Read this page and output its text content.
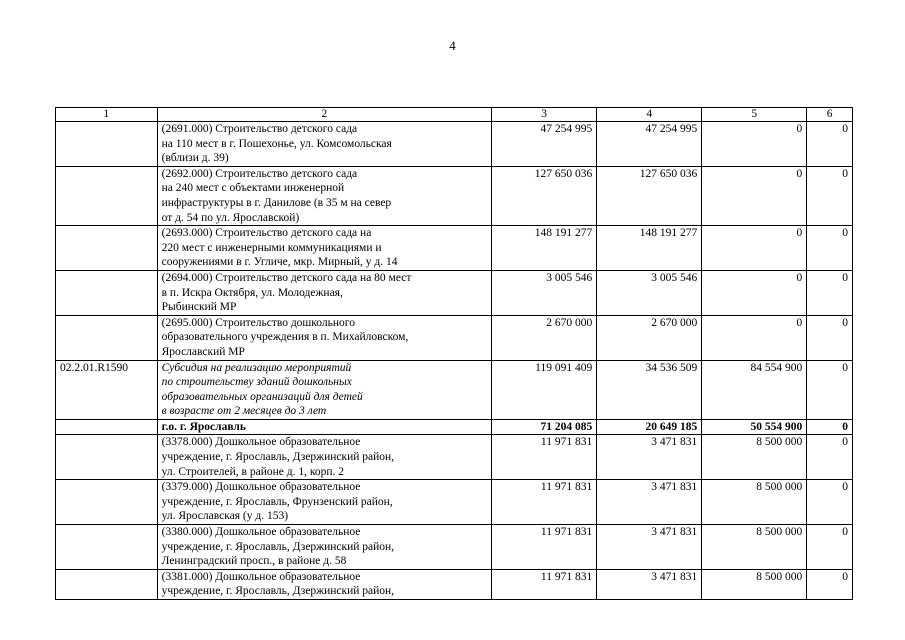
4
1	2	3	4	5	6
	(2691.000) Строительство детского сада
на 110 мест в г. Пошехонье, ул. Комсомольская
(вблизи д. 39)	47 254 995	47 254 995	0	0
	(2692.000) Строительство детского сада
на 240 мест с объектами инженерной
инфраструктуры в г. Данилове (в 35 м на север
от д. 54 по ул. Ярославской)	127 650 036	127 650 036	0	0
	(2693.000) Строительство детского сада на
220 мест с инженерными коммуникациями и
сооружениями в г. Угличе, мкр. Мирный, у д. 14	148 191 277	148 191 277	0	0
	(2694.000) Строительство детского сада на 80 мест
в п. Искра Октября, ул. Молодежная,
Рыбинский МР	3 005 546	3 005 546	0	0
	(2695.000) Строительство дошкольного
образовательного учреждения в п. Михайловском,
Ярославский МР	2 670 000	2 670 000	0	0
02.2.01.R1590	Субсидия на реализацию мероприятий
по строительству зданий дошкольных
образовательных организаций для детей
в возрасте от 2 месяцев до 3 лет	119 091 409	34 536 509	84 554 900	0
	г.о. г. Ярославль	71 204 085	20 649 185	50 554 900	0
	(3378.000) Дошкольное образовательное
учреждение, г. Ярославль, Дзержинский район,
ул. Строителей, в районе д. 1, корп. 2	11 971 831	3 471 831	8 500 000	0
	(3379.000) Дошкольное образовательное
учреждение, г. Ярославль, Фрунзенский район,
ул. Ярославская (у д. 153)	11 971 831	3 471 831	8 500 000	0
	(3380.000) Дошкольное образовательное
учреждение, г. Ярославль, Дзержинский район,
Ленинградский просп., в районе д. 58	11 971 831	3 471 831	8 500 000	0
	(3381.000) Дошкольное образовательное
учреждение, г. Ярославль, Дзержинский район,	11 971 831	3 471 831	8 500 000	0
